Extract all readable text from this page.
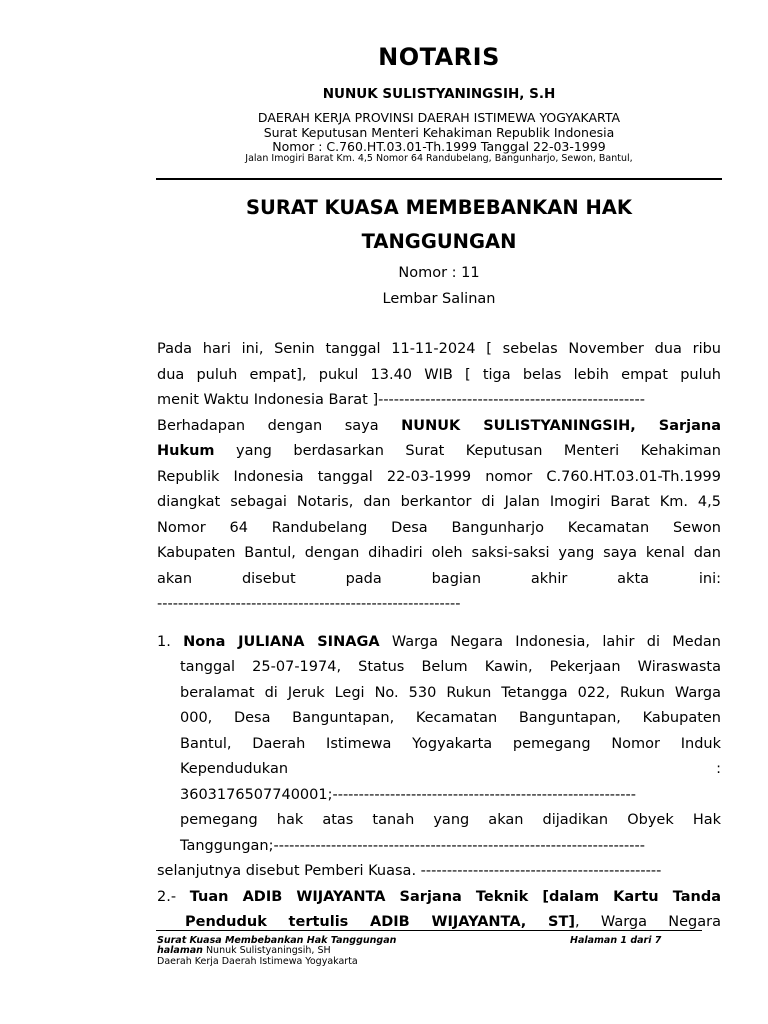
NOTARIS
NUNUK SULISTYANINGSIH, S.H
DAERAH KERJA PROVINSI DAERAH ISTIMEWA YOGYAKARTA
Surat Keputusan Menteri Kehakiman Republik Indonesia
Nomor : C.760.HT.03.01-Th.1999 Tanggal 22-03-1999
Jalan Imogiri Barat Km. 4,5 Nomor 64 Randubelang, Bangunharjo, Sewon, Bantul,
SURAT KUASA MEMBEBANKAN HAK
TANGGUNGAN
Nomor : 11
Lembar Salinan
Pada hari ini, Senin tanggal 11-11-2024 [ sebelas November dua ribu
dua puluh empat], pukul 13.40 WIB [ tiga belas lebih empat puluh
menit Waktu Indonesia Barat ]---------------------------------------------------
Berhadapan dengan saya NUNUK SULISTYANINGSIH, Sarjana
Hukum yang berdasarkan Surat Keputusan Menteri Kehakiman
Republik Indonesia tanggal 22-03-1999 nomor C.760.HT.03.01-Th.1999
diangkat sebagai Notaris, dan berkantor di Jalan Imogiri Barat Km. 4,5
Nomor 64 Randubelang Desa Bangunharjo Kecamatan Sewon
Kabupaten Bantul, dengan dihadiri oleh saksi-saksi yang saya kenal dan
akan disebut pada bagian akhir akta ini:
----------------------------------------------------------
1. Nona JULIANA SINAGA Warga Negara Indonesia, lahir di Medan
tanggal 25-07-1974, Status Belum Kawin, Pekerjaan Wiraswasta
beralamat di Jeruk Legi No. 530 Rukun Tetangga 022, Rukun Warga
000, Desa Banguntapan, Kecamatan Banguntapan, Kabupaten
Bantul, Daerah Istimewa Yogyakarta pemegang Nomor Induk
Kependudukan :
3603176507740001;----------------------------------------------------------
pemegang hak atas tanah yang akan dijadikan Obyek Hak
Tanggungan;-----------------------------------------------------------------------
selanjutnya disebut Pemberi Kuasa. ----------------------------------------------
2.- Tuan ADIB WIJAYANTA Sarjana Teknik [dalam Kartu Tanda
Penduduk tertulis ADIB WIJAYANTA, ST], Warga Negara
Surat Kuasa Membebankan Hak Tanggungan	Halaman 1 dari 7
halaman Nunuk Sulistyaningsih, SH
Daerah Kerja Daerah Istimewa Yogyakarta
